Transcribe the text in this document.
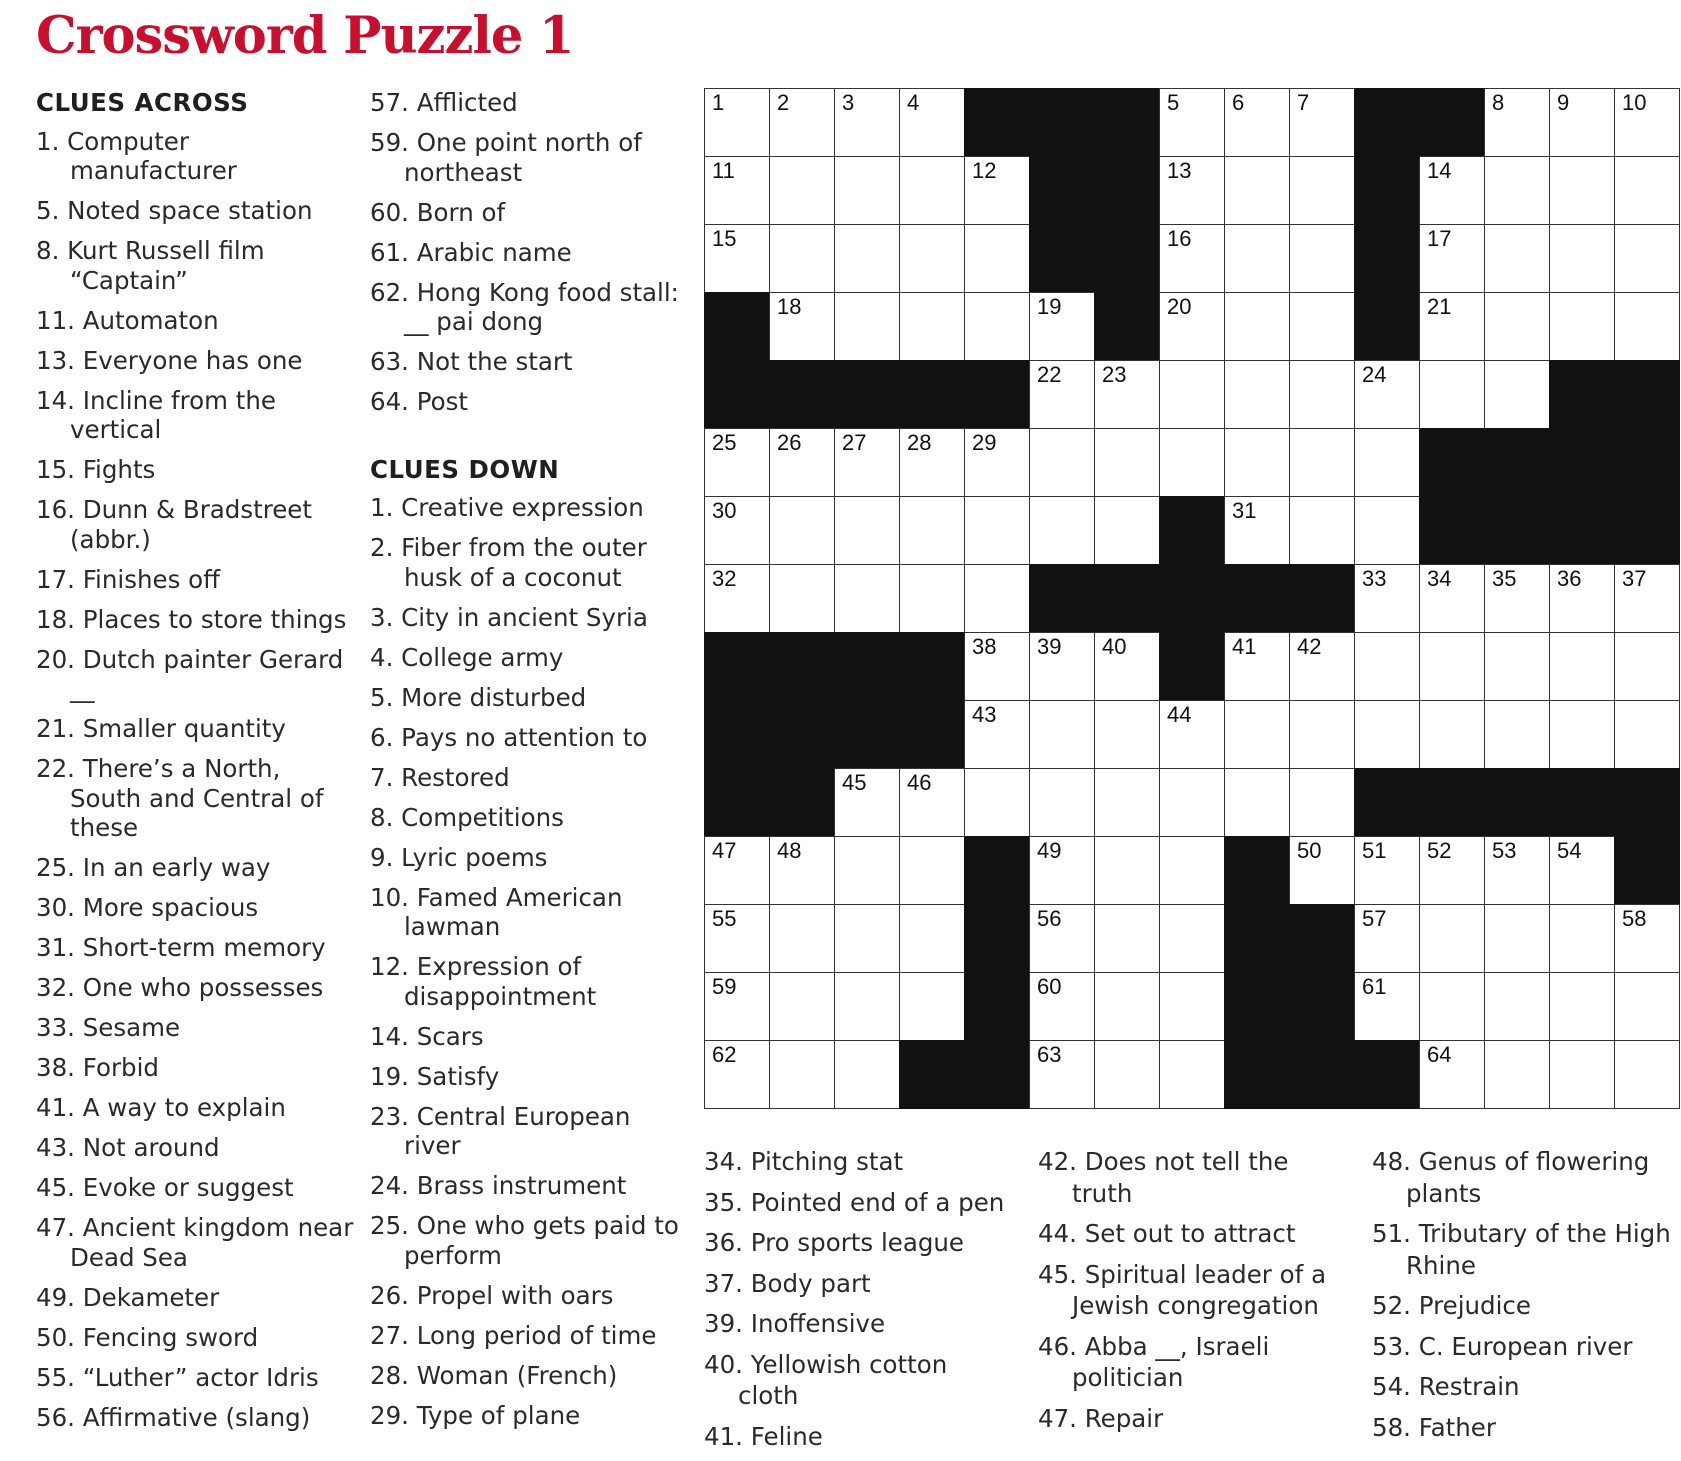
Crossword Puzzle 1
CLUES ACROSS
1. Computer manufacturer
5. Noted space station
8. Kurt Russell film “Captain”
11. Automaton
13. Everyone has one
14. Incline from the vertical
15. Fights
16. Dunn & Bradstreet (abbr.)
17. Finishes off
18. Places to store things
20. Dutch painter Gerard __
21. Smaller quantity
22. There’s a North, South and Central of these
25. In an early way
30. More spacious
31. Short-term memory
32. One who possesses
33. Sesame
38. Forbid
41. A way to explain
43. Not around
45. Evoke or suggest
47. Ancient kingdom near Dead Sea
49. Dekameter
50. Fencing sword
55. “Luther” actor Idris
56. Affirmative (slang)
57. Afflicted
59. One point north of northeast
60. Born of
61. Arabic name
62. Hong Kong food stall: __ pai dong
63. Not the start
64. Post
CLUES DOWN
1. Creative expression
2. Fiber from the outer husk of a coconut
3. City in ancient Syria
4. College army
5. More disturbed
6. Pays no attention to
7. Restored
8. Competitions
9. Lyric poems
10. Famed American lawman
12. Expression of disappointment
14. Scars
19. Satisfy
23. Central European river
24. Brass instrument
25. One who gets paid to perform
26. Propel with oars
27. Long period of time
28. Woman (French)
29. Type of plane
1 2 3 4	5 6 7	8 9 10
11	12	13	14
15	16	17
18	19	20	21
22 23	24
25 26 27 28 29
30	31
32	33 34 35 36 37
38 39 40	41 42
43	44
45 46
47 48	49	50 51 52 53 54
55	56	57	58
59	60	61
62	63	64
34. Pitching stat
35. Pointed end of a pen
36. Pro sports league
37. Body part
39. Inoffensive
40. Yellowish cotton cloth
41. Feline
42. Does not tell the truth
44. Set out to attract
45. Spiritual leader of a Jewish congregation
46. Abba __, Israeli politician
47. Repair
48. Genus of flowering plants
51. Tributary of the High Rhine
52. Prejudice
53. C. European river
54. Restrain
58. Father
